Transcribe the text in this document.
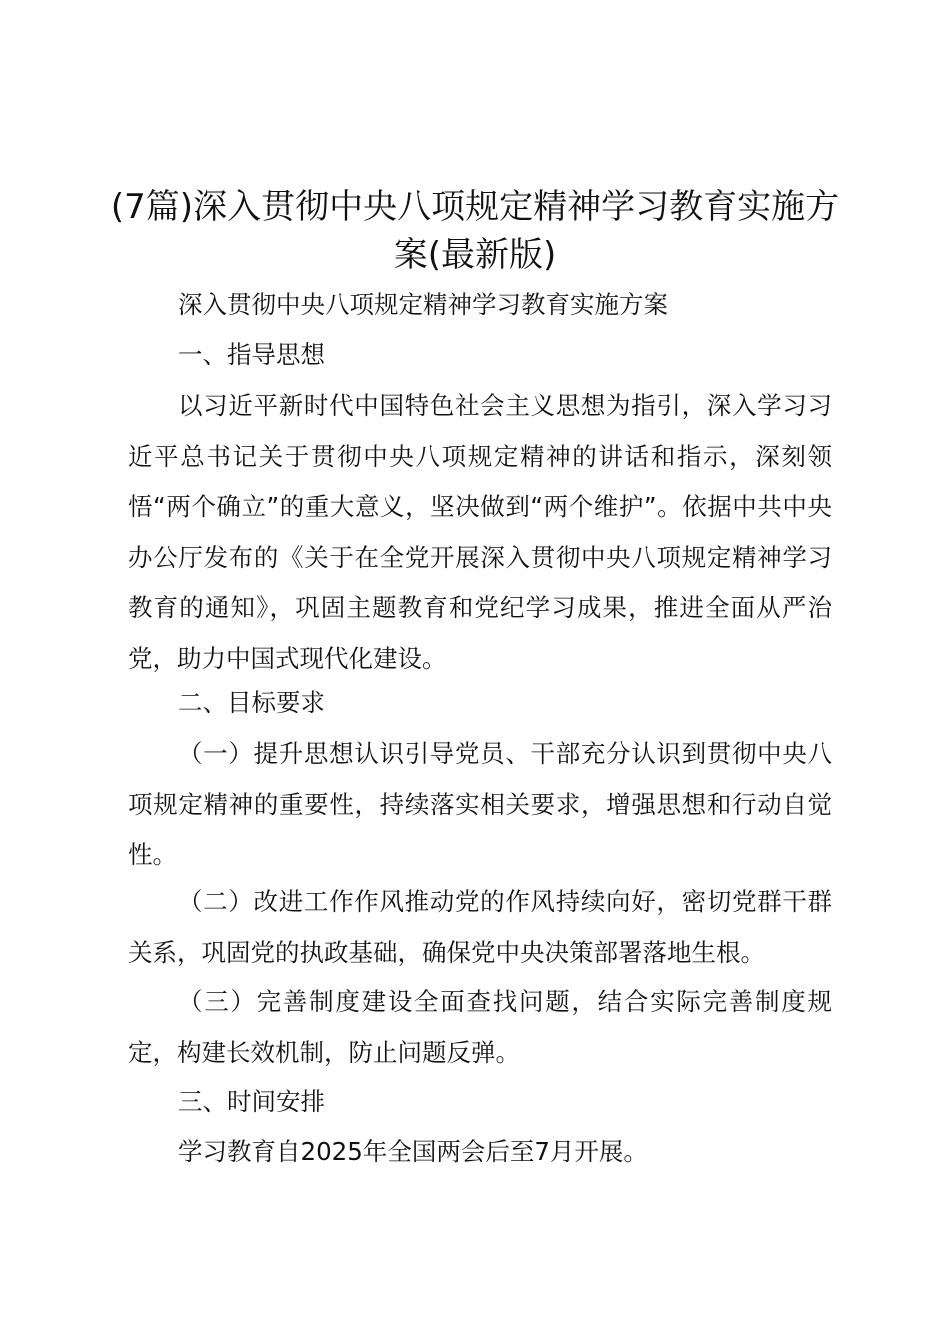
(7篇)深入贯彻中央八项规定精神学习教育实施方案(最新版)

深入贯彻中央八项规定精神学习教育实施方案

一、指导思想

以习近平新时代中国特色社会主义思想为指引，深入学习习近平总书记关于贯彻中央八项规定精神的讲话和指示，深刻领悟“两个确立”的重大意义，坚决做到“两个维护”。依据中共中央办公厅发布的《关于在全党开展深入贯彻中央八项规定精神学习教育的通知》，巩固主题教育和党纪学习成果，推进全面从严治党，助力中国式现代化建设。

二、目标要求

（一）提升思想认识引导党员、干部充分认识到贯彻中央八项规定精神的重要性，持续落实相关要求，增强思想和行动自觉性。

（二）改进工作作风推动党的作风持续向好，密切党群干群关系，巩固党的执政基础，确保党中央决策部署落地生根。

（三）完善制度建设全面查找问题，结合实际完善制度规定，构建长效机制，防止问题反弹。

三、时间安排

学习教育自2025年全国两会后至7月开展。
